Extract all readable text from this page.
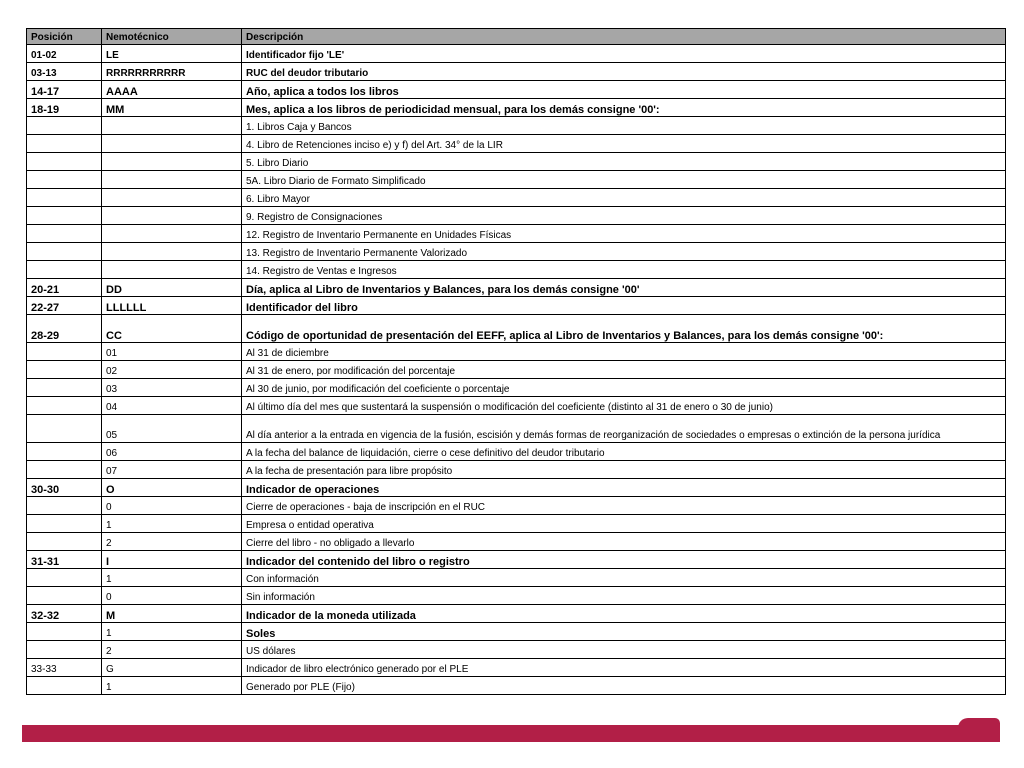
Posición	Nemotécnico	Descripción
01-02	LE	Identificador fijo 'LE'
03-13	RRRRRRRRRRR	RUC del deudor tributario
14-17	AAAA	Año, aplica a todos los libros
18-19	MM	Mes, aplica a los libros de periodicidad mensual, para los demás consigne '00':
		1. Libros Caja y Bancos
		4. Libro de Retenciones inciso e) y f) del Art. 34° de la LIR
		5. Libro Diario
		5A. Libro Diario de Formato Simplificado
		6. Libro Mayor
		9. Registro de Consignaciones
		12. Registro de Inventario Permanente en Unidades Físicas
		13. Registro de Inventario Permanente Valorizado
		14. Registro de Ventas e Ingresos
20-21	DD	Día, aplica al Libro de Inventarios y Balances, para los demás consigne '00'
22-27	LLLLLL	Identificador del libro
28-29	CC	Código de oportunidad de presentación del EEFF, aplica al Libro de Inventarios y Balances, para los demás consigne '00':
	01	Al 31 de diciembre
	02	Al 31 de enero, por modificación del porcentaje
	03	Al 30 de junio, por modificación del coeficiente o porcentaje
	04	Al último día del mes que sustentará la suspensión o modificación del coeficiente (distinto al 31 de enero o 30 de junio)
	05	Al día anterior a la entrada en vigencia de la fusión, escisión y demás formas de reorganización de sociedades o empresas o extinción de la persona jurídica
	06	A la fecha del balance de liquidación, cierre o cese definitivo del deudor tributario
	07	A la fecha de presentación para libre propósito
30-30	O	Indicador de operaciones
	0	Cierre de operaciones - baja de inscripción en el RUC
	1	Empresa o entidad operativa
	2	Cierre del libro - no obligado a llevarlo
31-31	I	Indicador del contenido del libro o registro
	1	Con información
	0	Sin información
32-32	M	Indicador de la moneda utilizada
	1	Soles
	2	US dólares
33-33	G	Indicador de libro electrónico generado por el PLE
	1	Generado por PLE (Fijo)
